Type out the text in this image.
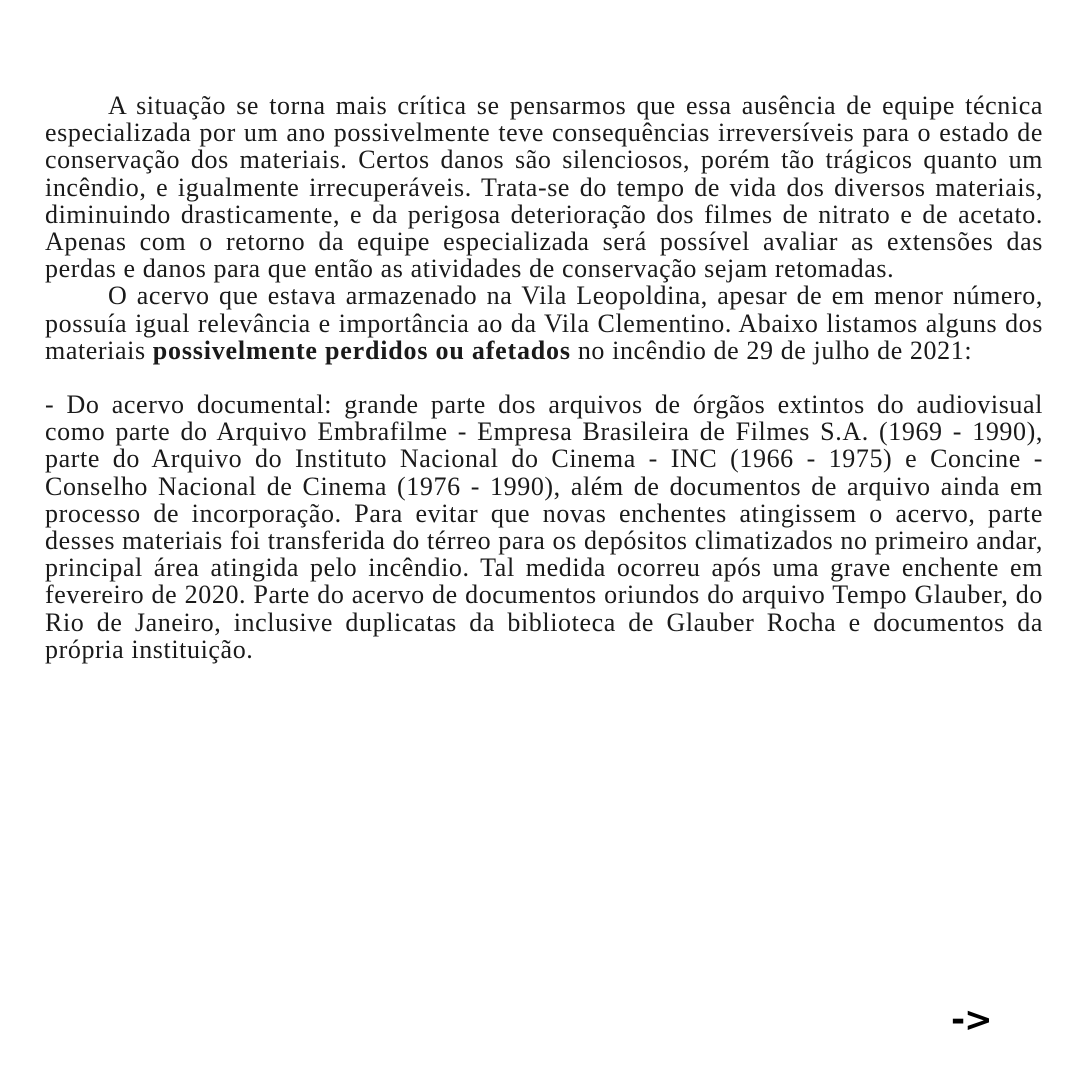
A situação se torna mais crítica se pensarmos que essa ausência de equipe técnica especializada por um ano possivelmente teve consequências irreversíveis para o estado de conservação dos materiais. Certos danos são silenciosos, porém tão trágicos quanto um incêndio, e igualmente irrecuperáveis. Trata-se do tempo de vida dos diversos materiais, diminuindo drasticamente, e da perigosa deterioração dos filmes de nitrato e de acetato. Apenas com o retorno da equipe especializada será possível avaliar as extensões das perdas e danos para que então as atividades de conservação sejam retomadas.

O acervo que estava armazenado na Vila Leopoldina, apesar de em menor número, possuía igual relevância e importância ao da Vila Clementino. Abaixo listamos alguns dos materiais possivelmente perdidos ou afetados no incêndio de 29 de julho de 2021:

- Do acervo documental: grande parte dos arquivos de órgãos extintos do audiovisual como parte do Arquivo Embrafilme - Empresa Brasileira de Filmes S.A. (1969 - 1990), parte do Arquivo do Instituto Nacional do Cinema - INC (1966 - 1975) e Concine - Conselho Nacional de Cinema (1976 - 1990), além de documentos de arquivo ainda em processo de incorporação. Para evitar que novas enchentes atingissem o acervo, parte desses materiais foi transferida do térreo para os depósitos climatizados no primeiro andar, principal área atingida pelo incêndio. Tal medida ocorreu após uma grave enchente em fevereiro de 2020. Parte do acervo de documentos oriundos do arquivo Tempo Glauber, do Rio de Janeiro, inclusive duplicatas da biblioteca de Glauber Rocha e documentos da própria instituição.

->
